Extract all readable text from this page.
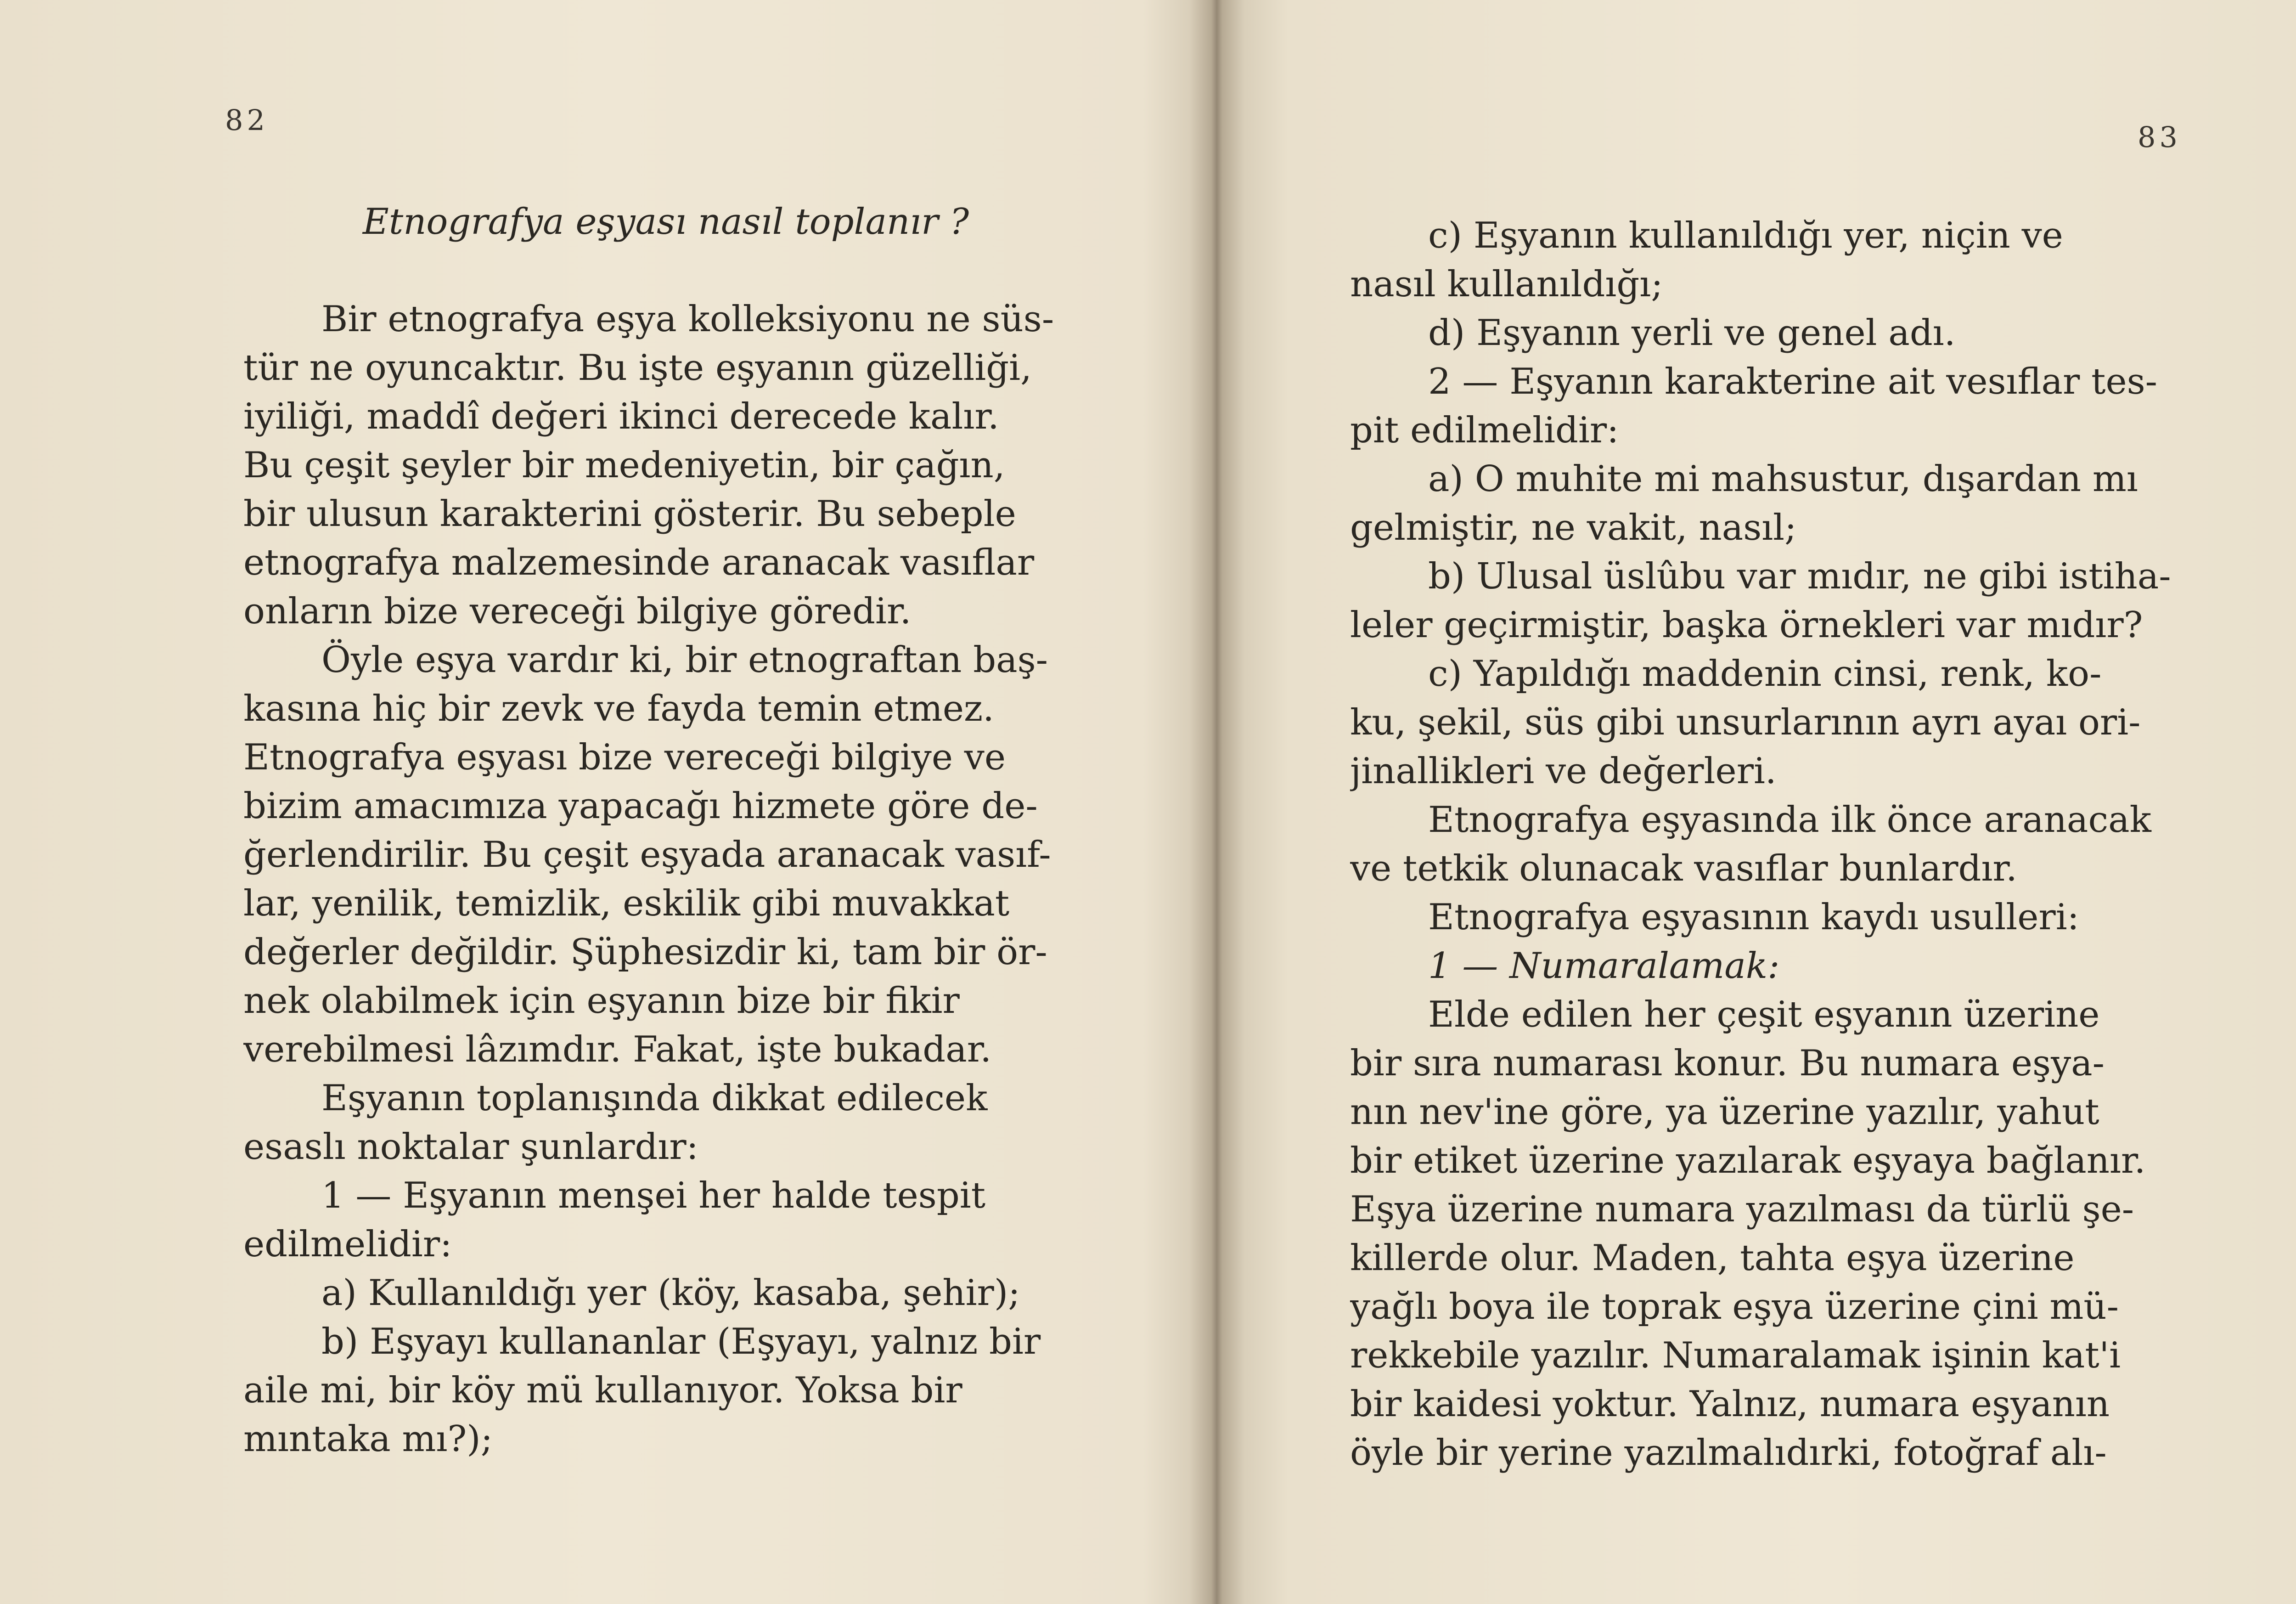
82
Etnografya eşyası nasıl toplanır ?
Bir etnografya eşya kolleksiyonu ne süs-
tür ne oyuncaktır. Bu işte eşyanın güzelliği,
iyiliği, maddî değeri ikinci derecede kalır.
Bu çeşit şeyler bir medeniyetin, bir çağın,
bir ulusun karakterini gösterir. Bu sebeple
etnografya malzemesinde aranacak vasıflar
onların bize vereceği bilgiye göredir.
Öyle eşya vardır ki, bir etnograftan baş-
kasına hiç bir zevk ve fayda temin etmez.
Etnografya eşyası bize vereceği bilgiye ve
bizim amacımıza yapacağı hizmete göre de-
ğerlendirilir. Bu çeşit eşyada aranacak vasıf-
lar, yenilik, temizlik, eskilik gibi muvakkat
değerler değildir. Şüphesizdir ki, tam bir ör-
nek olabilmek için eşyanın bize bir fikir
verebilmesi lâzımdır. Fakat, işte bukadar.
Eşyanın toplanışında dikkat edilecek
esaslı noktalar şunlardır:
1 — Eşyanın menşei her halde tespit
edilmelidir:
a) Kullanıldığı yer (köy, kasaba, şehir);
b) Eşyayı kullananlar (Eşyayı, yalnız bir
aile mi, bir köy mü kullanıyor. Yoksa bir
mıntaka mı?);
83
c) Eşyanın kullanıldığı yer, niçin ve
nasıl kullanıldığı;
d) Eşyanın yerli ve genel adı.
2 — Eşyanın karakterine ait vesıflar tes-
pit edilmelidir:
a) O muhite mi mahsustur, dışardan mı
gelmiştir, ne vakit, nasıl;
b) Ulusal üslûbu var mıdır, ne gibi istiha-
leler geçirmiştir, başka örnekleri var mıdır?
c) Yapıldığı maddenin cinsi, renk, ko-
ku, şekil, süs gibi unsurlarının ayrı ayaı ori-
jinallikleri ve değerleri.
Etnografya eşyasında ilk önce aranacak
ve tetkik olunacak vasıflar bunlardır.
Etnografya eşyasının kaydı usulleri:
1 — Numaralamak:
Elde edilen her çeşit eşyanın üzerine
bir sıra numarası konur. Bu numara eşya-
nın nev'ine göre, ya üzerine yazılır, yahut
bir etiket üzerine yazılarak eşyaya bağlanır.
Eşya üzerine numara yazılması da türlü şe-
killerde olur. Maden, tahta eşya üzerine
yağlı boya ile toprak eşya üzerine çini mü-
rekkebile yazılır. Numaralamak işinin kat'i
bir kaidesi yoktur. Yalnız, numara eşyanın
öyle bir yerine yazılmalıdırki, fotoğraf alı-
